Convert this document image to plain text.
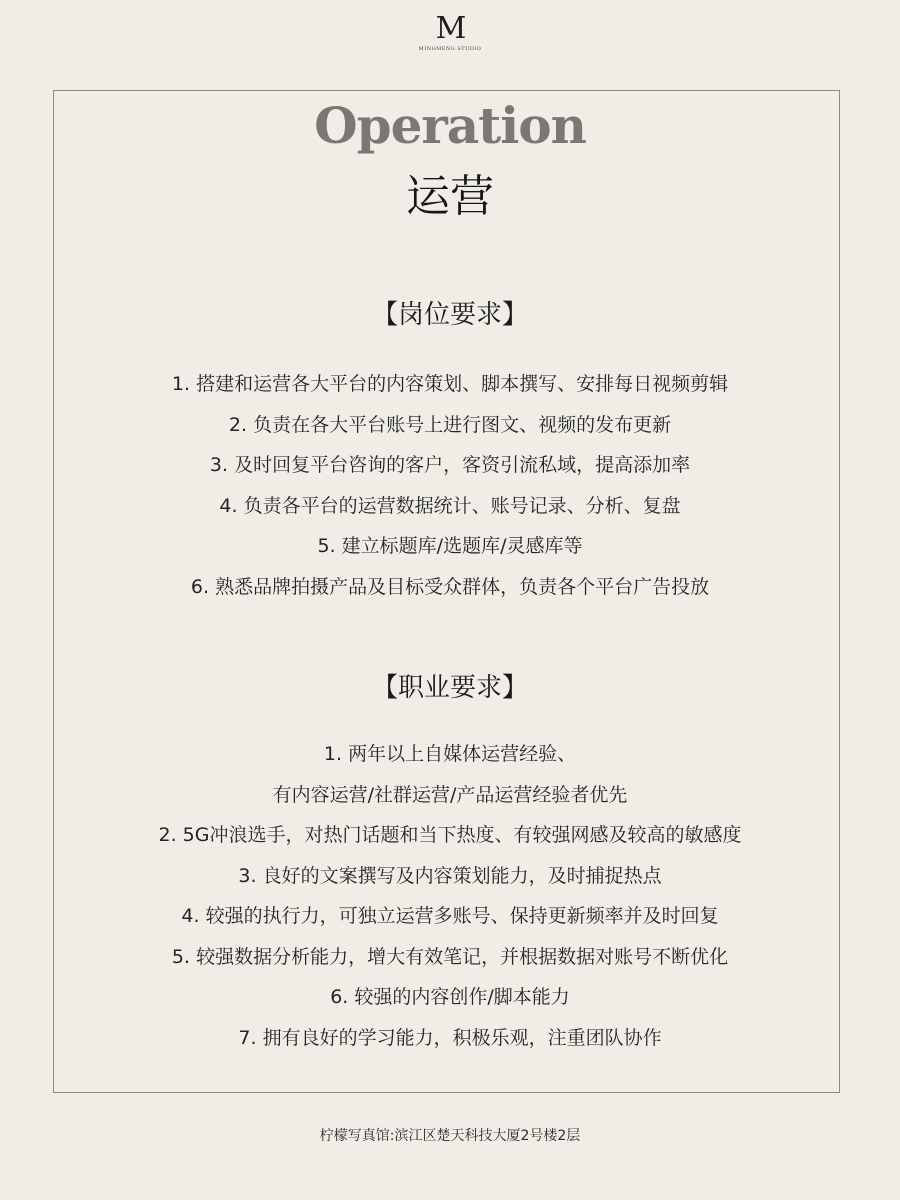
M
MINGMENG STUDIO
Operation
运营
【岗位要求】
1. 搭建和运营各大平台的内容策划、脚本撰写、安排每日视频剪辑
2. 负责在各大平台账号上进行图文、视频的发布更新
3. 及时回复平台咨询的客户，客资引流私域，提高添加率
4. 负责各平台的运营数据统计、账号记录、分析、复盘
5. 建立标题库/选题库/灵感库等
6. 熟悉品牌拍摄产品及目标受众群体，负责各个平台广告投放
【职业要求】
1. 两年以上自媒体运营经验、
有内容运营/社群运营/产品运营经验者优先
2. 5G冲浪选手，对热门话题和当下热度、有较强网感及较高的敏感度
3. 良好的文案撰写及内容策划能力，及时捕捉热点
4. 较强的执行力，可独立运营多账号、保持更新频率并及时回复
5. 较强数据分析能力，增大有效笔记，并根据数据对账号不断优化
6. 较强的内容创作/脚本能力
7. 拥有良好的学习能力，积极乐观，注重团队协作
柠檬写真馆:滨江区楚天科技大厦2号楼2层
